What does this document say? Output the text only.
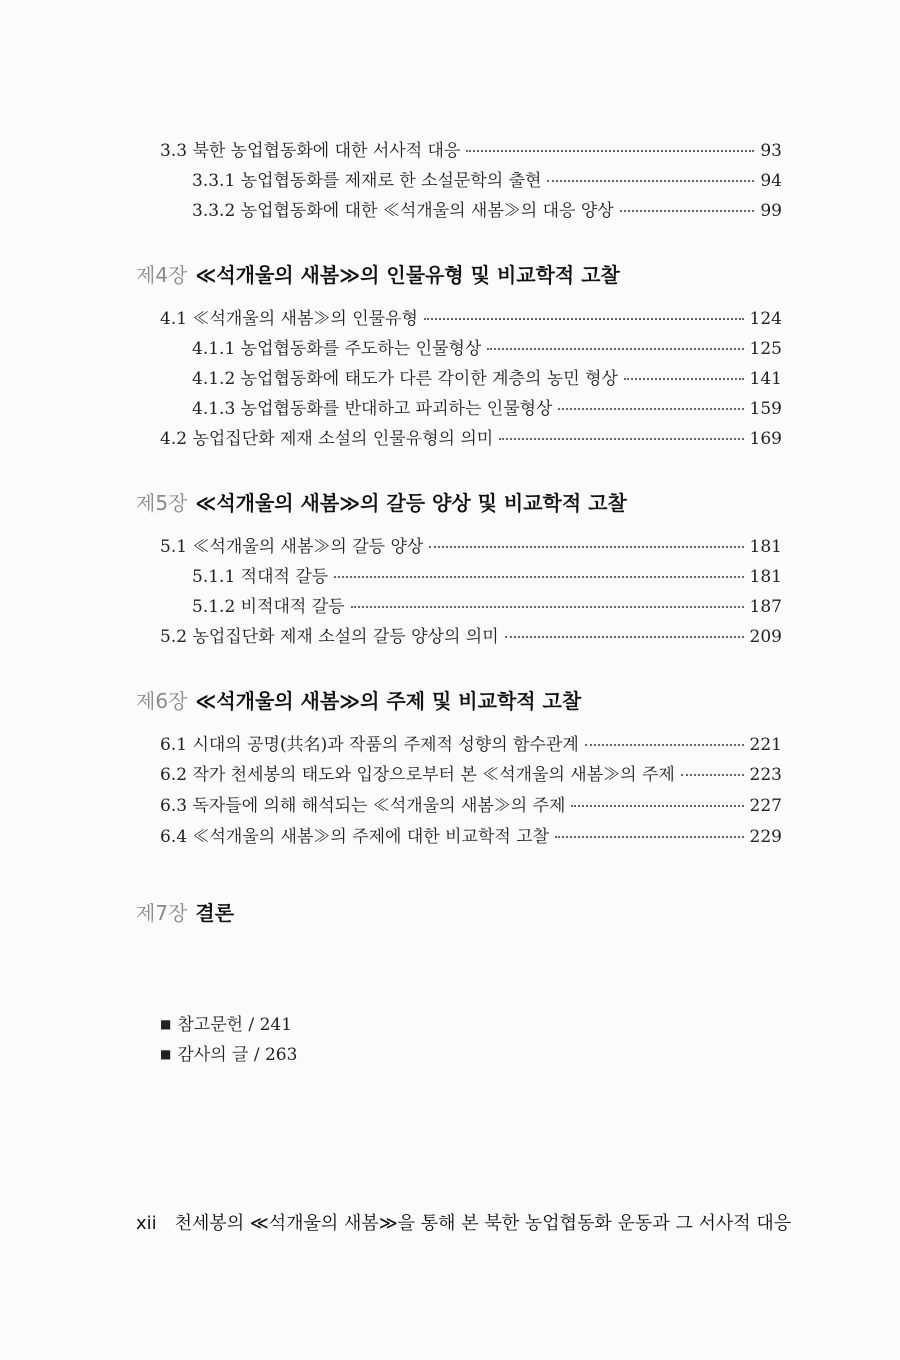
3.3 북한 농업협동화에 대한 서사적 대응	93
3.3.1 농업협동화를 제재로 한 소설문학의 출현	94
3.3.2 농업협동화에 대한 ≪석개울의 새봄≫의 대응 양상	99
제4장 ≪석개울의 새봄≫의 인물유형 및 비교학적 고찰
4.1 ≪석개울의 새봄≫의 인물유형	124
4.1.1 농업협동화를 주도하는 인물형상	125
4.1.2 농업협동화에 태도가 다른 각이한 계층의 농민 형상	141
4.1.3 농업협동화를 반대하고 파괴하는 인물형상	159
4.2 농업집단화 제재 소설의 인물유형의 의미	169
제5장 ≪석개울의 새봄≫의 갈등 양상 및 비교학적 고찰
5.1 ≪석개울의 새봄≫의 갈등 양상	181
5.1.1 적대적 갈등	181
5.1.2 비적대적 갈등	187
5.2 농업집단화 제재 소설의 갈등 양상의 의미	209
제6장 ≪석개울의 새봄≫의 주제 및 비교학적 고찰
6.1 시대의 공명(共名)과 작품의 주제적 성향의 함수관계	221
6.2 작가 천세봉의 태도와 입장으로부터 본 ≪석개울의 새봄≫의 주제	223
6.3 독자들에 의해 해석되는 ≪석개울의 새봄≫의 주제	227
6.4 ≪석개울의 새봄≫의 주제에 대한 비교학적 고찰	229
제7장 결론
■ 참고문헌 / 241
■ 감사의 글 / 263
xii 천세봉의 ≪석개울의 새봄≫을 통해 본 북한 농업협동화 운동과 그 서사적 대응
